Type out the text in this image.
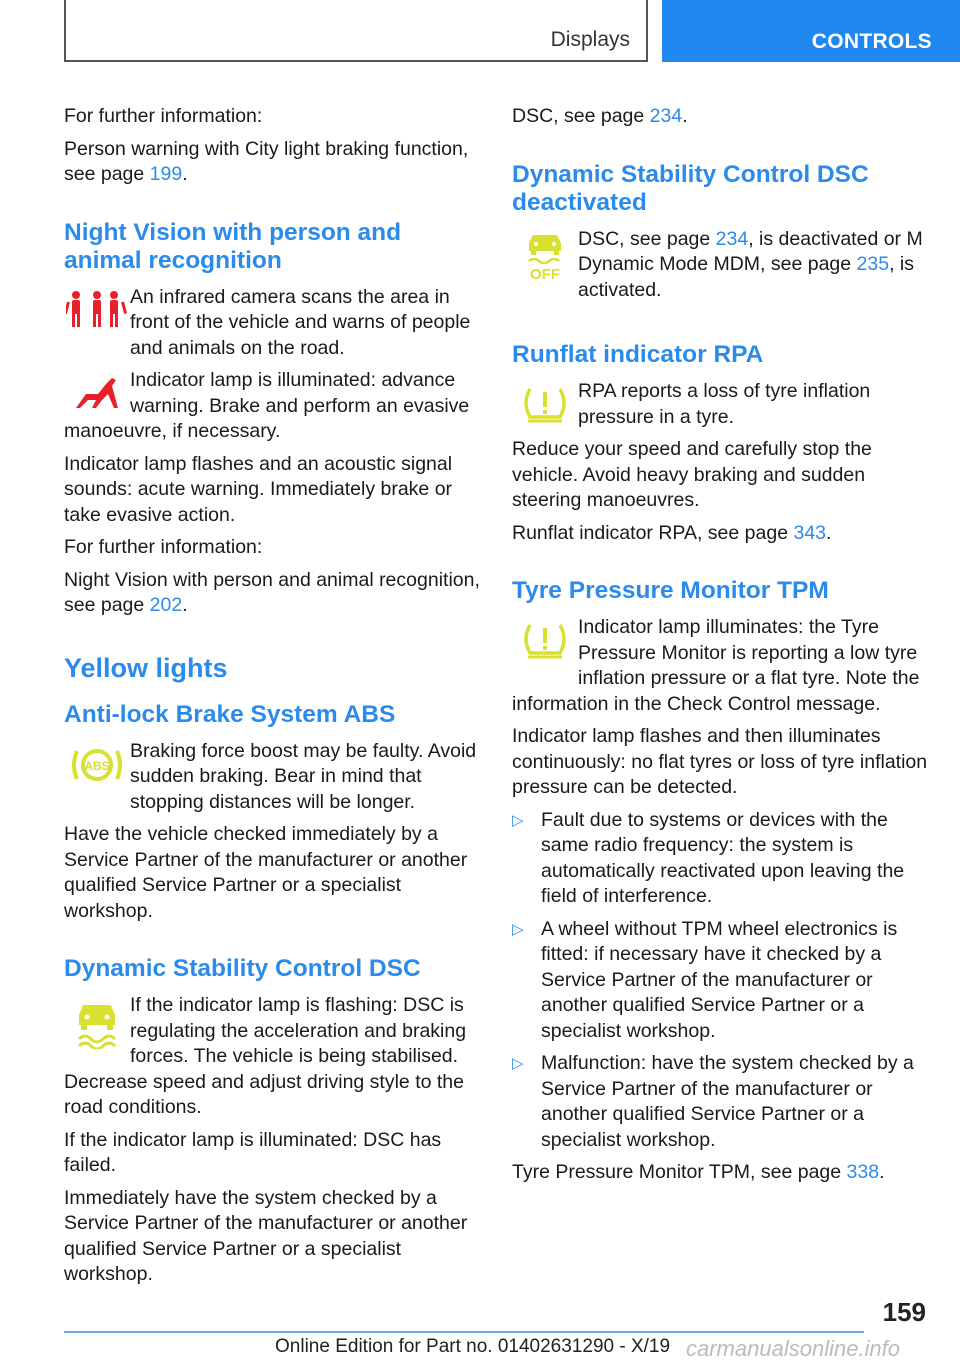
Displays	CONTROLS

For further information:

Person warning with City light braking function, see page 199.

Night Vision with person and animal recognition

An infrared camera scans the area in front of the vehicle and warns of people and animals on the road.

Indicator lamp is illuminated: advance warning. Brake and perform an evasive manoeuvre, if necessary.

Indicator lamp flashes and an acoustic signal sounds: acute warning. Immediately brake or take evasive action.

For further information:

Night Vision with person and animal recognition, see page 202.

Yellow lights
Anti-lock Brake System ABS
ABS

Braking force boost may be faulty. Avoid sudden braking. Bear in mind that stopping distances will be longer.

Have the vehicle checked immediately by a Service Partner of the manufacturer or another qualified Service Partner or a specialist workshop.

Dynamic Stability Control DSC

If the indicator lamp is flashing: DSC is regulating the acceleration and braking forces. The vehicle is being stabilised. Decrease speed and adjust driving style to the road conditions.

If the indicator lamp is illuminated: DSC has failed.

Immediately have the system checked by a Service Partner of the manufacturer or another qualified Service Partner or a specialist workshop.

DSC, see page 234.

Dynamic Stability Control DSC deactivated
OFF

DSC, see page 234, is deactivated or M Dynamic Mode MDM, see page 235, is activated.

Runflat indicator RPA

RPA reports a loss of tyre inflation pressure in a tyre.

Reduce your speed and carefully stop the vehicle. Avoid heavy braking and sudden steering manoeuvres.

Runflat indicator RPA, see page 343.

Tyre Pressure Monitor TPM

Indicator lamp illuminates: the Tyre Pressure Monitor is reporting a low tyre inflation pressure or a flat tyre. Note the information in the Check Control message.

Indicator lamp flashes and then illuminates continuously: no flat tyres or loss of tyre inflation pressure can be detected.

▷ Fault due to systems or devices with the same radio frequency: the system is automatically reactivated upon leaving the field of interference.
▷ A wheel without TPM wheel electronics is fitted: if necessary have it checked by a Service Partner of the manufacturer or another qualified Service Partner or a specialist workshop.
▷ Malfunction: have the system checked by a Service Partner of the manufacturer or another qualified Service Partner or a specialist workshop.

Tyre Pressure Monitor TPM, see page 338.

159
Online Edition for Part no. 01402631290 - X/19 carmanualsonline.info
